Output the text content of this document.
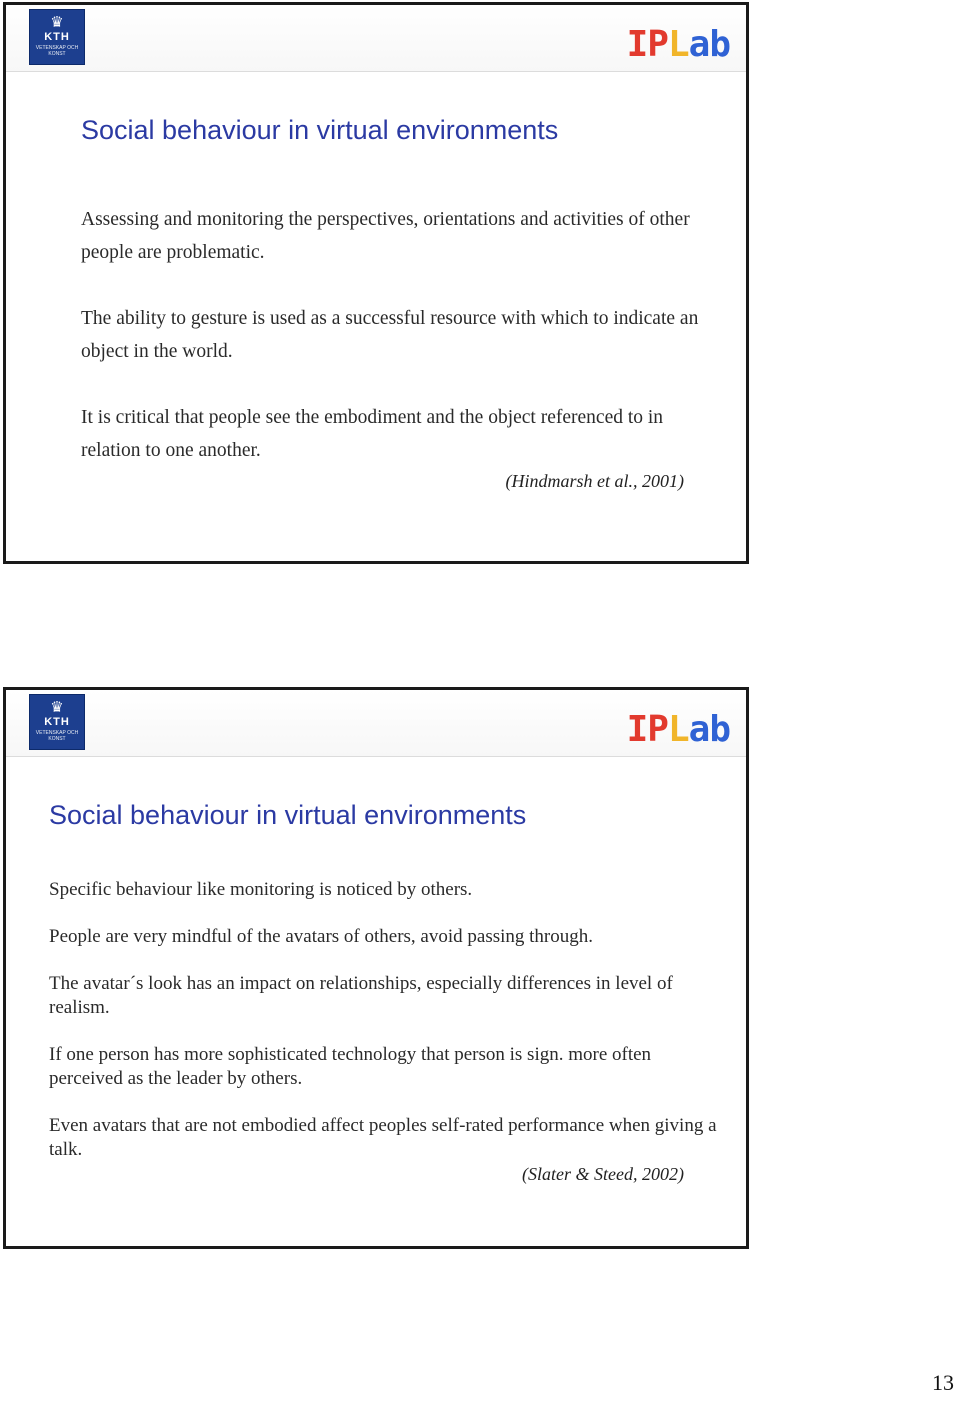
♛
KTH
VETENSKAP OCH KONST	IPLab
Social behaviour in virtual environments

Assessing and monitoring the perspectives, orientations and activities of other people are problematic.

The ability to gesture is used as a successful resource with which to indicate an object in the world.

It is critical that people see the embodiment and the object referenced to in relation to one another.

(Hindmarsh et al., 2001)

♛
KTH
VETENSKAP OCH KONST	IPLab
Social behaviour in virtual environments

Specific behaviour like monitoring is noticed by others.

People are very mindful of the avatars of others, avoid passing through.

The avatar´s look has an impact on relationships, especially differences in level of realism.

If one person has more sophisticated technology that person is sign. more often perceived as the leader by others.

Even avatars that are not embodied affect peoples self-rated performance when giving a talk.

(Slater & Steed, 2002)

13
